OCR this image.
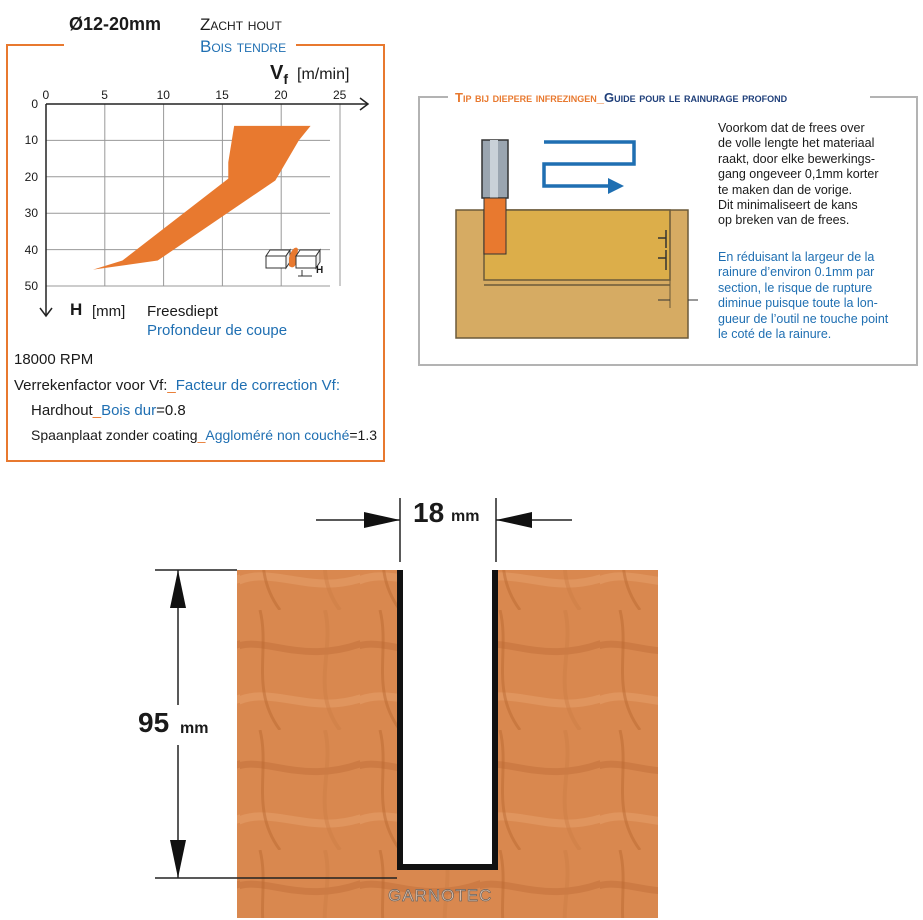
Ø12-20mm Zacht hout
Bois tendre
$V_f$ [m/min]
0	5	10	15	20	25
0
10
20
30
40
50
H
H [mm] Freesdiept
Profondeur de coupe
18000 RPM
Verrekenfactor voor Vf:_Facteur de correction Vf:
Hardhout_Bois dur=0.8
Spaanplaat zonder coating_Aggloméré non couché=1.3
Tip bij diepere infrezingen_Guide pour le rainurage profond
Voorkom dat de frees over
de volle lengte het materiaal
raakt, door elke bewerkings-
gang ongeveer 0,1mm korter
te maken dan de vorige.
Dit minimaliseert de kans
op breken van de frees.
En réduisant la largeur de la
rainure d’environ 0.1mm par
section, le risque de rupture
diminue puisque toute la lon-
gueur de l’outil ne touche point
le coté de la rainure.
18 mm
95 mm
GARNOTEC
